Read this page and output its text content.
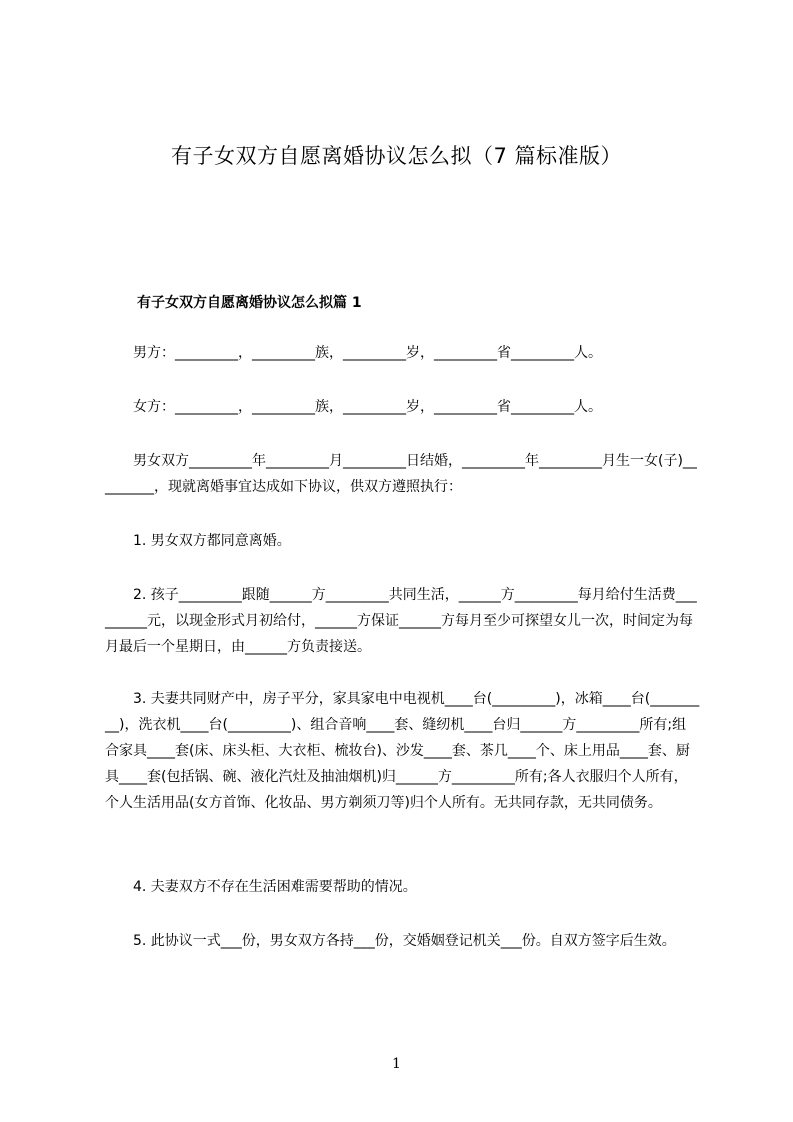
有子女双方自愿离婚协议怎么拟（7 篇标准版）
有子女双方自愿离婚协议怎么拟篇 1

　　男方：_________，_________族，_________岁，_________省_________人。

　　女方：_________，_________族，_________岁，_________省_________人。

　　男女双方_________年_________月_________日结婚，_________年_________月生一女(子)_________，现就离婚事宜达成如下协议，供双方遵照执行：

　　1. 男女双方都同意离婚。

　　2. 孩子_________跟随______方_________共同生活，______方_________每月给付生活费_________元，以现金形式月初给付，______方保证______方每月至少可探望女儿一次，时间定为每月最后一个星期日，由______方负责接送。

　　3. 夫妻共同财产中，房子平分，家具家电中电视机____台(_________)，冰箱____台(_________)，洗衣机____台(_________)、组合音响____套、缝纫机____台归______方_________所有;组合家具____套(床、床头柜、大衣柜、梳妆台)、沙发____套、茶几____个、床上用品____套、厨具____套(包括锅、碗、液化汽灶及抽油烟机)归______方_________所有;各人衣服归个人所有，个人生活用品(女方首饰、化妆品、男方剃须刀等)归个人所有。无共同存款，无共同债务。

　　4. 夫妻双方不存在生活困难需要帮助的情况。

　　5. 此协议一式___份，男女双方各持___份，交婚姻登记机关___份。自双方签字后生效。

1
